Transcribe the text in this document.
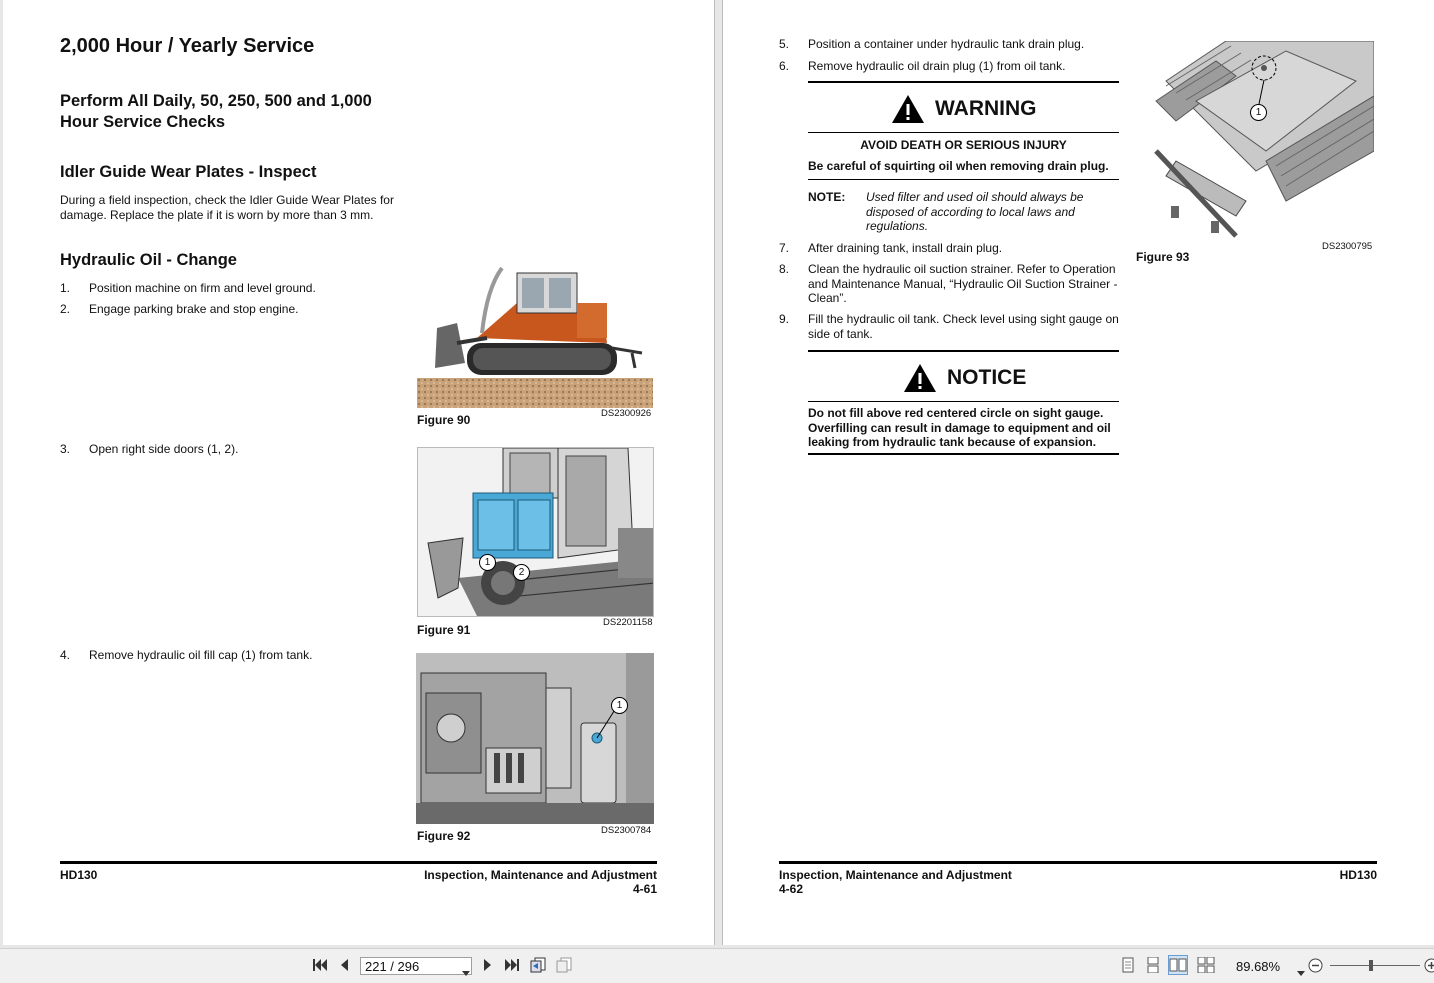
2,000 Hour / Yearly Service
Perform All Daily, 50, 250, 500 and 1,000
Hour Service Checks
Idler Guide Wear Plates - Inspect
During a field inspection, check the Idler Guide Wear Plates for
damage. Replace the plate if it is worn by more than 3 mm.
Hydraulic Oil - Change
1. Position machine on firm and level ground.
2. Engage parking brake and stop engine.
Figure 90	DS2300926
3. Open right side doors (1, 2).
1
2
Figure 91
DS2201158
4. Remove hydraulic oil fill cap (1) from tank.
1
Figure 92	DS2300784
HD130	Inspection, Maintenance and Adjustment
4-61
5. Position a container under hydraulic tank drain plug.
6. Remove hydraulic oil drain plug (1) from oil tank.
WARNING
AVOID DEATH OR SERIOUS INJURY
Be careful of squirting oil when removing drain plug.
NOTE: Used filter and used oil should always be
disposed of according to local laws and
regulations.
7. After draining tank, install drain plug.
8. Clean the hydraulic oil suction strainer. Refer to Operation
and Maintenance Manual, “Hydraulic Oil Suction Strainer -
Clean”.
9. Fill the hydraulic oil tank. Check level using sight gauge on
side of tank.
NOTICE
Do not fill above red centered circle on sight gauge.
Overfilling can result in damage to equipment and oil
leaking from hydraulic tank because of expansion.
1
Figure 93
DS2300795
Inspection, Maintenance and Adjustment
4-62
HD130
221 / 296	89.68%
